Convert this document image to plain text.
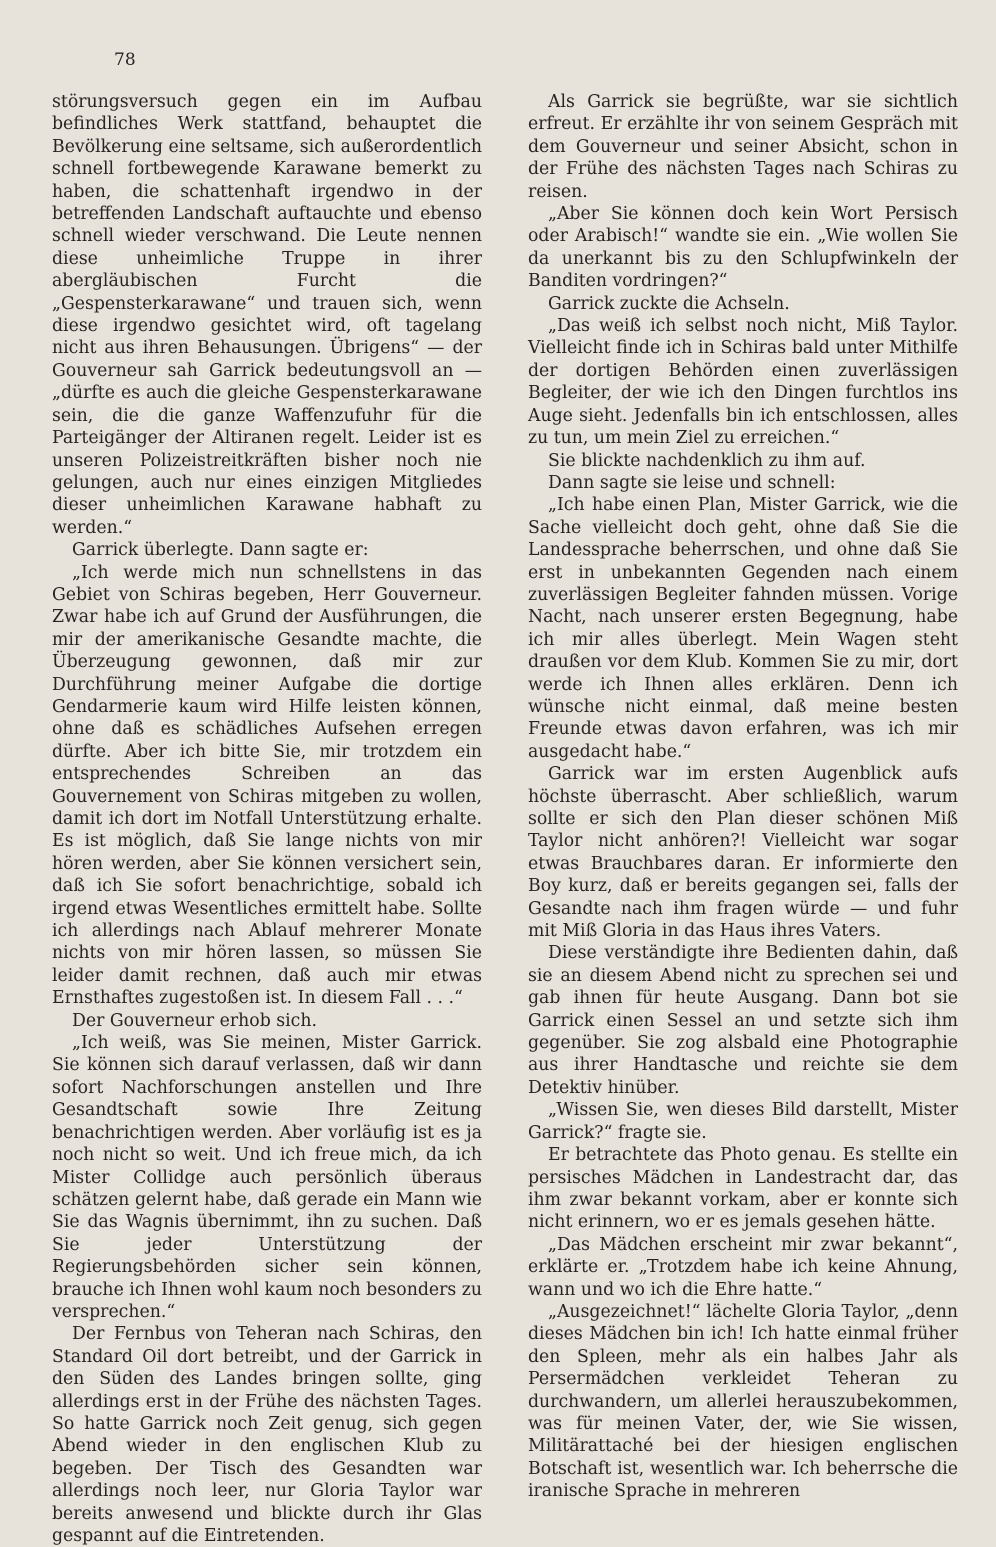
78

störungsversuch gegen ein im Aufbau befindliches Werk stattfand, behauptet die Bevölkerung eine seltsame, sich außerordentlich schnell fortbewegende Karawane bemerkt zu haben, die schattenhaft irgendwo in der betreffenden Landschaft auftauchte und ebenso schnell wieder verschwand. Die Leute nennen diese unheimliche Truppe in ihrer abergläubischen Furcht die „Gespensterkarawane“ und trauen sich, wenn diese irgendwo gesichtet wird, oft tagelang nicht aus ihren Behausungen. Übrigens“ — der Gouverneur sah Garrick bedeutungsvoll an — „dürfte es auch die gleiche Gespensterkarawane sein, die die ganze Waffenzufuhr für die Parteigänger der Altiranen regelt. Leider ist es unseren Polizeistreitkräften bisher noch nie gelungen, auch nur eines einzigen Mitgliedes dieser unheimlichen Karawane habhaft zu werden.“

Garrick überlegte. Dann sagte er:

„Ich werde mich nun schnellstens in das Gebiet von Schiras begeben, Herr Gouverneur. Zwar habe ich auf Grund der Ausführungen, die mir der amerikanische Gesandte machte, die Überzeugung gewonnen, daß mir zur Durchführung meiner Aufgabe die dortige Gendarmerie kaum wird Hilfe leisten können, ohne daß es schädliches Aufsehen erregen dürfte. Aber ich bitte Sie, mir trotzdem ein entsprechendes Schreiben an das Gouvernement von Schiras mitgeben zu wollen, damit ich dort im Notfall Unterstützung erhalte. Es ist möglich, daß Sie lange nichts von mir hören werden, aber Sie können versichert sein, daß ich Sie sofort benachrichtige, sobald ich irgend etwas Wesentliches ermittelt habe. Sollte ich allerdings nach Ablauf mehrerer Monate nichts von mir hören lassen, so müssen Sie leider damit rechnen, daß auch mir etwas Ernsthaftes zugestoßen ist. In diesem Fall . . .“

Der Gouverneur erhob sich.

„Ich weiß, was Sie meinen, Mister Garrick. Sie können sich darauf verlassen, daß wir dann sofort Nachforschungen anstellen und Ihre Gesandtschaft sowie Ihre Zeitung benachrichtigen werden. Aber vorläufig ist es ja noch nicht so weit. Und ich freue mich, da ich Mister Collidge auch persönlich überaus schätzen gelernt habe, daß gerade ein Mann wie Sie das Wagnis übernimmt, ihn zu suchen. Daß Sie jeder Unterstützung der Regierungsbehörden sicher sein können, brauche ich Ihnen wohl kaum noch besonders zu versprechen.“

Der Fernbus von Teheran nach Schiras, den Standard Oil dort betreibt, und der Garrick in den Süden des Landes bringen sollte, ging allerdings erst in der Frühe des nächsten Tages. So hatte Garrick noch Zeit genug, sich gegen Abend wieder in den englischen Klub zu begeben. Der Tisch des Gesandten war allerdings noch leer, nur Gloria Taylor war bereits anwesend und blickte durch ihr Glas gespannt auf die Eintretenden.

Als Garrick sie begrüßte, war sie sichtlich erfreut. Er erzählte ihr von seinem Gespräch mit dem Gouverneur und seiner Absicht, schon in der Frühe des nächsten Tages nach Schiras zu reisen.

„Aber Sie können doch kein Wort Persisch oder Arabisch!“ wandte sie ein. „Wie wollen Sie da unerkannt bis zu den Schlupfwinkeln der Banditen vordringen?“

Garrick zuckte die Achseln.

„Das weiß ich selbst noch nicht, Miß Taylor. Vielleicht finde ich in Schiras bald unter Mithilfe der dortigen Behörden einen zuverlässigen Begleiter, der wie ich den Dingen furchtlos ins Auge sieht. Jedenfalls bin ich entschlossen, alles zu tun, um mein Ziel zu erreichen.“

Sie blickte nachdenklich zu ihm auf.

Dann sagte sie leise und schnell:

„Ich habe einen Plan, Mister Garrick, wie die Sache vielleicht doch geht, ohne daß Sie die Landessprache beherrschen, und ohne daß Sie erst in unbekannten Gegenden nach einem zuverlässigen Begleiter fahnden müssen. Vorige Nacht, nach unserer ersten Begegnung, habe ich mir alles überlegt. Mein Wagen steht draußen vor dem Klub. Kommen Sie zu mir, dort werde ich Ihnen alles erklären. Denn ich wünsche nicht einmal, daß meine besten Freunde etwas davon erfahren, was ich mir ausgedacht habe.“

Garrick war im ersten Augenblick aufs höchste überrascht. Aber schließlich, warum sollte er sich den Plan dieser schönen Miß Taylor nicht anhören?! Vielleicht war sogar etwas Brauchbares daran. Er informierte den Boy kurz, daß er bereits gegangen sei, falls der Gesandte nach ihm fragen würde — und fuhr mit Miß Gloria in das Haus ihres Vaters.

Diese verständigte ihre Bedienten dahin, daß sie an diesem Abend nicht zu sprechen sei und gab ihnen für heute Ausgang. Dann bot sie Garrick einen Sessel an und setzte sich ihm gegenüber. Sie zog alsbald eine Photographie aus ihrer Handtasche und reichte sie dem Detektiv hinüber.

„Wissen Sie, wen dieses Bild darstellt, Mister Garrick?“ fragte sie.

Er betrachtete das Photo genau. Es stellte ein persisches Mädchen in Landestracht dar, das ihm zwar bekannt vorkam, aber er konnte sich nicht erinnern, wo er es jemals gesehen hätte.

„Das Mädchen erscheint mir zwar bekannt“, erklärte er. „Trotzdem habe ich keine Ahnung, wann und wo ich die Ehre hatte.“

„Ausgezeichnet!“ lächelte Gloria Taylor, „denn dieses Mädchen bin ich! Ich hatte einmal früher den Spleen, mehr als ein halbes Jahr als Persermädchen verkleidet Teheran zu durchwandern, um allerlei herauszubekommen, was für meinen Vater, der, wie Sie wissen, Militärattaché bei der hiesigen englischen Botschaft ist, wesentlich war. Ich beherrsche die iranische Sprache in mehreren
